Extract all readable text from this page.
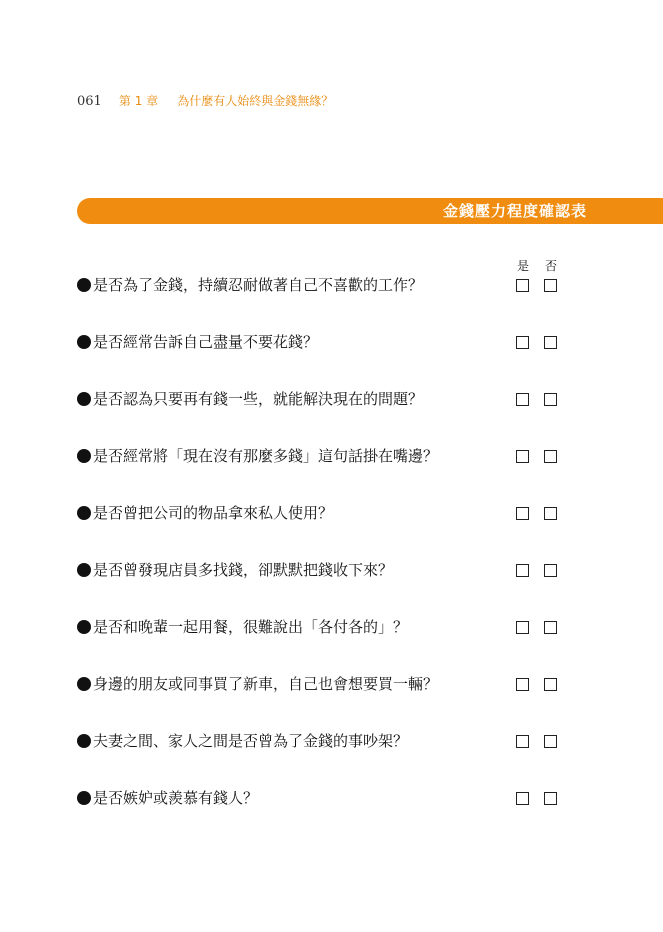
061 第 1 章 為什麼有人始終與金錢無緣？
金錢壓力程度確認表
是 否
是否為了金錢，持續忍耐做著自己不喜歡的工作？
是否經常告訴自己盡量不要花錢？
是否認為只要再有錢一些，就能解決現在的問題？
是否經常將「現在沒有那麼多錢」這句話掛在嘴邊？
是否曾把公司的物品拿來私人使用？
是否曾發現店員多找錢，卻默默把錢收下來？
是否和晚輩一起用餐，很難說出「各付各的」？
身邊的朋友或同事買了新車，自己也會想要買一輛？
夫妻之間、家人之間是否曾為了金錢的事吵架？
是否嫉妒或羨慕有錢人？
